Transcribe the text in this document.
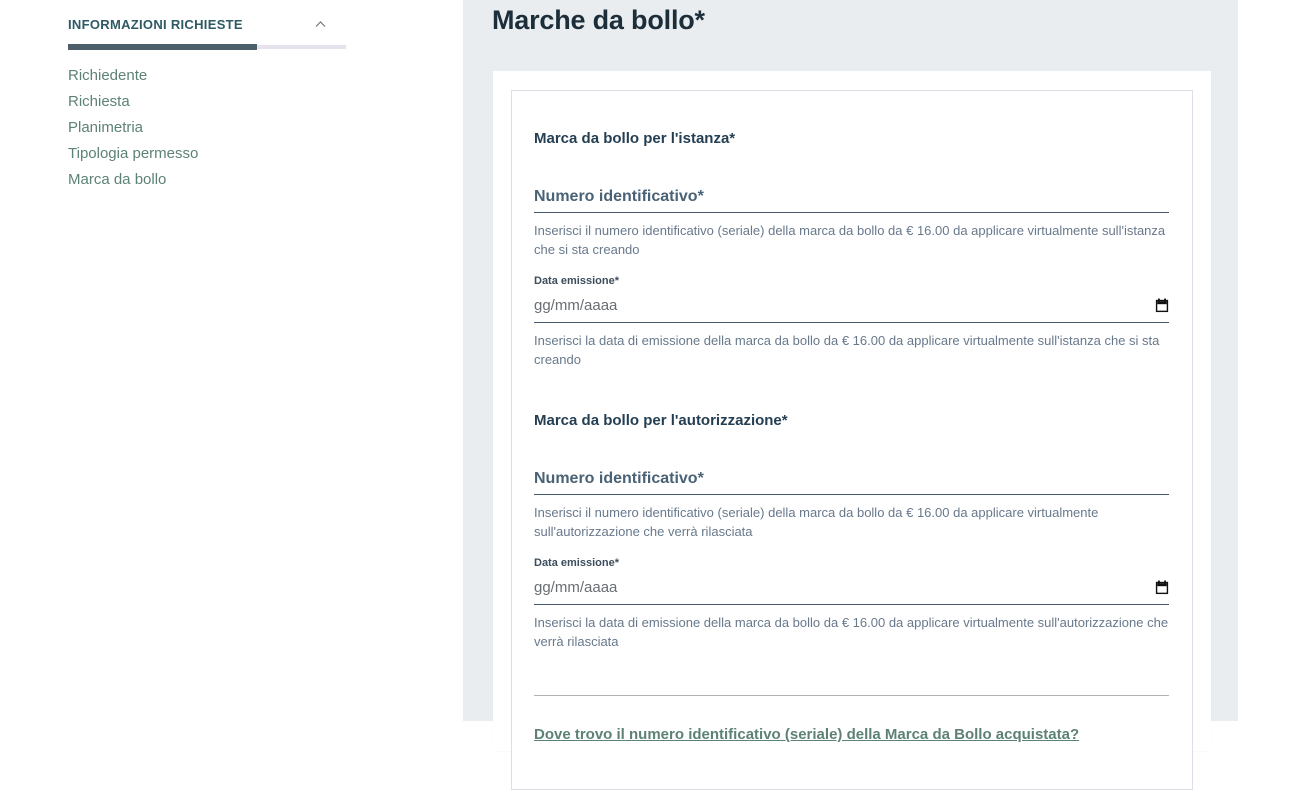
INFORMAZIONI RICHIESTE
Richiedente
Richiesta
Planimetria
Tipologia permesso
Marca da bollo
Marche da bollo*
Marca da bollo per l'istanza*
Numero identificativo*
Inserisci il numero identificativo (seriale) della marca da bollo da € 16.00 da applicare virtualmente sull'istanza che si sta creando
Data emissione*
gg/mm/aaaa
Inserisci la data di emissione della marca da bollo da € 16.00 da applicare virtualmente sull'istanza che si sta creando
Marca da bollo per l'autorizzazione*
Numero identificativo*
Inserisci il numero identificativo (seriale) della marca da bollo da € 16.00 da applicare virtualmente sull'autorizzazione che verrà rilasciata
Data emissione*
gg/mm/aaaa
Inserisci la data di emissione della marca da bollo da € 16.00 da applicare virtualmente sull'autorizzazione che verrà rilasciata
Dove trovo il numero identificativo (seriale) della Marca da Bollo acquistata?
